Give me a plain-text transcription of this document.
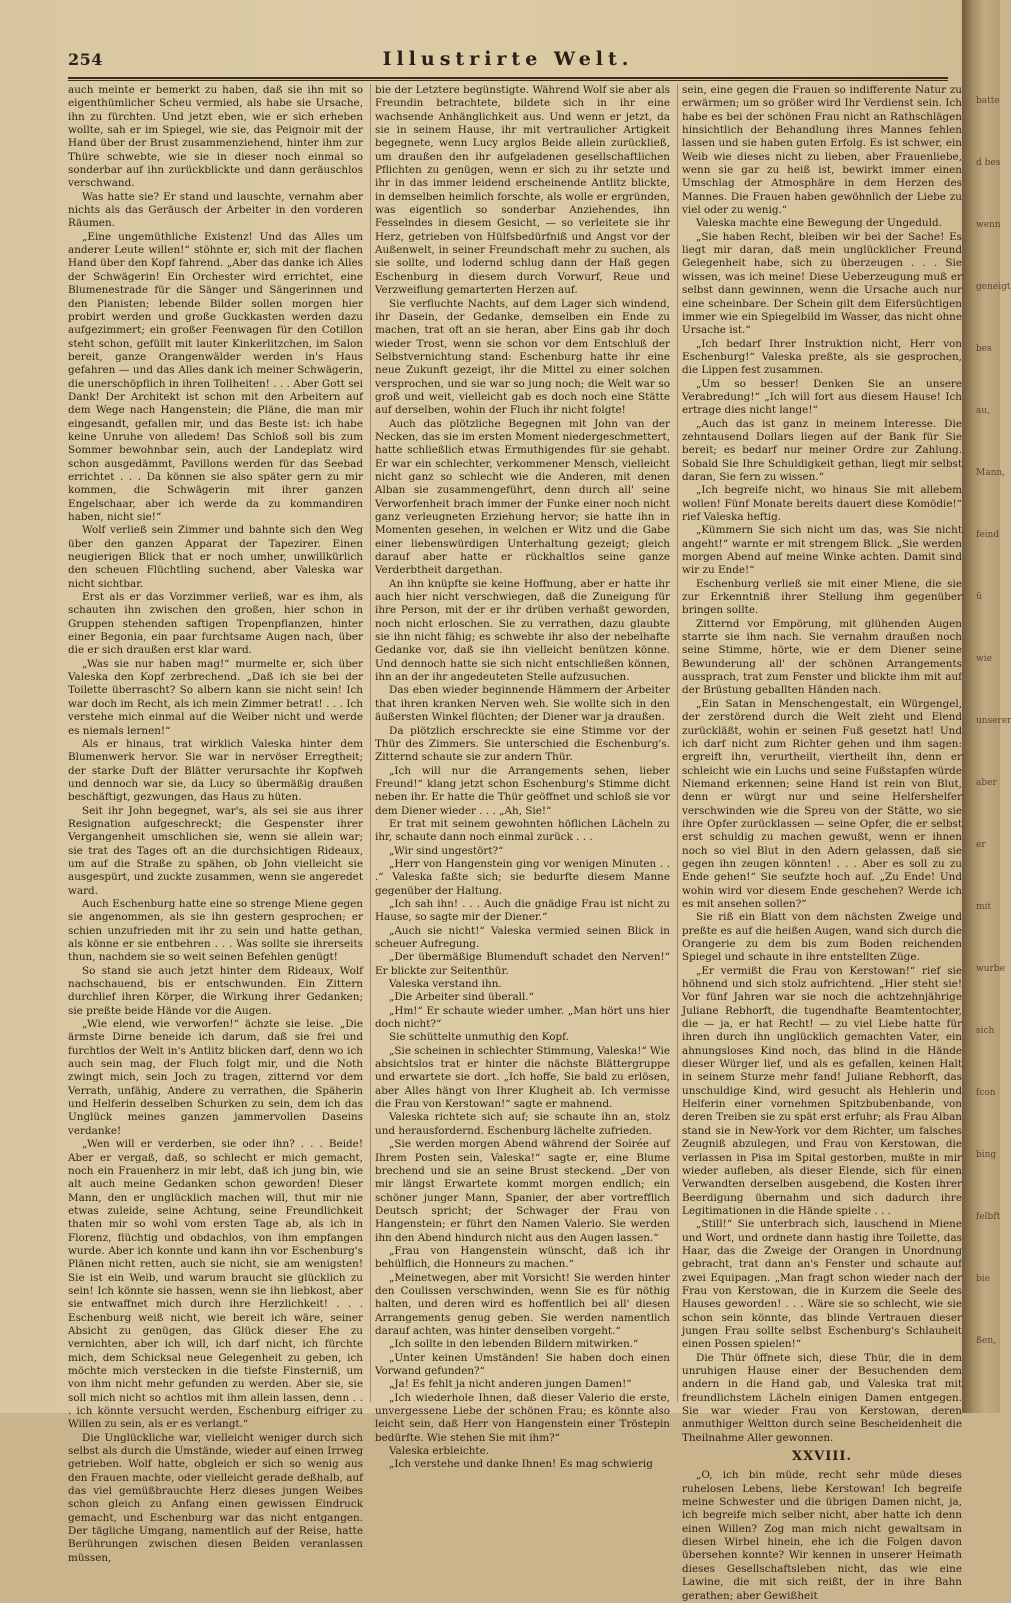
254	Illustrirte Welt.

auch meinte er bemerkt zu haben, daß sie ihn mit so eigenthümlicher Scheu vermied, als habe sie Ursache, ihn zu fürchten. Und jetzt eben, wie er sich erheben wollte, sah er im Spiegel, wie sie, das Peignoir mit der Hand über der Brust zusammenziehend, hinter ihm zur Thüre schwebte, wie sie in dieser noch einmal so sonderbar auf ihn zurückblickte und dann geräuschlos verschwand.

Was hatte sie? Er stand und lauschte, vernahm aber nichts als das Geräusch der Arbeiter in den vorderen Räumen.

„Eine ungemüthliche Existenz! Und das Alles um anderer Leute willen!“ stöhnte er, sich mit der flachen Hand über den Kopf fahrend. „Aber das danke ich Alles der Schwägerin! Ein Orchester wird errichtet, eine Blumenestrade für die Sänger und Sängerinnen und den Pianisten; lebende Bilder sollen morgen hier probirt werden und große Guckkasten werden dazu aufgezimmert; ein großer Feenwagen für den Cotillon steht schon, gefüllt mit lauter Kinkerlitzchen, im Salon bereit, ganze Orangenwälder werden in's Haus gefahren — und das Alles dank ich meiner Schwägerin, die unerschöpflich in ihren Tollheiten! . . . Aber Gott sei Dank! Der Architekt ist schon mit den Arbeitern auf dem Wege nach Hangenstein; die Pläne, die man mir eingesandt, gefallen mir, und das Beste ist: ich habe keine Unruhe von alledem! Das Schloß soll bis zum Sommer bewohnbar sein, auch der Landeplatz wird schon ausgedämmt, Pavillons werden für das Seebad errichtet . . . Da können sie also später gern zu mir kommen, die Schwägerin mit ihrer ganzen Engelschaar, aber ich werde da zu kommandiren haben, nicht sie!“

Wolf verließ sein Zimmer und bahnte sich den Weg über den ganzen Apparat der Tapezirer. Einen neugierigen Blick that er noch umher, unwillkürlich den scheuen Flüchtling suchend, aber Valeska war nicht sichtbar.

Erst als er das Vorzimmer verließ, war es ihm, als schauten ihn zwischen den großen, hier schon in Gruppen stehenden saftigen Tropenpflanzen, hinter einer Begonia, ein paar furchtsame Augen nach, über die er sich draußen erst klar ward.

„Was sie nur haben mag!“ murmelte er, sich über Valeska den Kopf zerbrechend. „Daß ich sie bei der Toilette überrascht? So albern kann sie nicht sein! Ich war doch im Recht, als ich mein Zimmer betrat! . . . Ich verstehe mich einmal auf die Weiber nicht und werde es niemals lernen!“

Als er hinaus, trat wirklich Valeska hinter dem Blumenwerk hervor. Sie war in nervöser Erregtheit; der starke Duft der Blätter verursachte ihr Kopfweh und dennoch war sie, da Lucy so übermäßig draußen beschäftigt, gezwungen, das Haus zu hüten.

Seit ihr John begegnet, war's, als sei sie aus ihrer Resignation aufgeschreckt; die Gespenster ihrer Vergangenheit umschlichen sie, wenn sie allein war; sie trat des Tages oft an die durchsichtigen Rideaux, um auf die Straße zu spähen, ob John vielleicht sie ausgespürt, und zuckte zusammen, wenn sie angeredet ward.

Auch Eschenburg hatte eine so strenge Miene gegen sie angenommen, als sie ihn gestern gesprochen; er schien unzufrieden mit ihr zu sein und hatte gethan, als könne er sie entbehren . . . Was sollte sie ihrerseits thun, nachdem sie so weit seinen Befehlen genügt!

So stand sie auch jetzt hinter dem Rideaux, Wolf nachschauend, bis er entschwunden. Ein Zittern durchlief ihren Körper, die Wirkung ihrer Gedanken; sie preßte beide Hände vor die Augen.

„Wie elend, wie verworfen!“ ächzte sie leise. „Die ärmste Dirne beneide ich darum, daß sie frei und furchtlos der Welt in's Antlitz blicken darf, denn wo ich auch sein mag, der Fluch folgt mir, und die Noth zwingt mich, sein Joch zu tragen, zitternd vor dem Verrath, unfähig, Andere zu verrathen, die Späherin und Helferin desselben Schurken zu sein, dem ich das Unglück meines ganzen jammervollen Daseins verdanke!

„Wen will er verderben, sie oder ihn? . . . Beide! Aber er vergaß, daß, so schlecht er mich gemacht, noch ein Frauenherz in mir lebt, daß ich jung bin, wie alt auch meine Gedanken schon geworden! Dieser Mann, den er unglücklich machen will, thut mir nie etwas zuleide, seine Achtung, seine Freundlichkeit thaten mir so wohl vom ersten Tage ab, als ich in Florenz, flüchtig und obdachlos, von ihm empfangen wurde. Aber ich konnte und kann ihn vor Eschenburg's Plänen nicht retten, auch sie nicht, sie am wenigsten! Sie ist ein Weib, und warum braucht sie glücklich zu sein! Ich könnte sie hassen, wenn sie ihn liebkost, aber sie entwaffnet mich durch ihre Herzlichkeit! . . . Eschenburg weiß nicht, wie bereit ich wäre, seiner Absicht zu genügen, das Glück dieser Ehe zu vernichten, aber ich will, ich darf nicht, ich fürchte mich, dem Schicksal neue Gelegenheit zu geben, ich möchte mich verstecken in die tiefste Finsterniß, um von ihm nicht mehr gefunden zu werden. Aber sie, sie soll mich nicht so achtlos mit ihm allein lassen, denn . . . ich könnte versucht werden, Eschenburg eifriger zu Willen zu sein, als er es verlangt.“

Die Unglückliche war, vielleicht weniger durch sich selbst als durch die Umstände, wieder auf einen Irrweg getrieben. Wolf hatte, obgleich er sich so wenig aus den Frauen machte, oder vielleicht gerade deßhalb, auf das viel gemüßbrauchte Herz dieses jungen Weibes schon gleich zu Anfang einen gewissen Eindruck gemacht, und Eschenburg war das nicht entgangen. Der tägliche Umgang, namentlich auf der Reise, hatte Berührungen zwischen diesen Beiden veranlassen müssen,

bie der Letztere begünstigte. Während Wolf sie aber als Freundin betrachtete, bildete sich in ihr eine wachsende Anhänglichkeit aus. Und wenn er jetzt, da sie in seinem Hause, ihr mit vertraulicher Artigkeit begegnete, wenn Lucy arglos Beide allein zurückließ, um draußen den ihr aufgeladenen gesellschaftlichen Pflichten zu genügen, wenn er sich zu ihr setzte und ihr in das immer leidend erscheinende Antlitz blickte, in demselben heimlich forschte, als wolle er ergründen, was eigentlich so sonderbar Anziehendes, ihn Fesselndes in diesem Gesicht, — so verleitete sie ihr Herz, getrieben von Hülfsbedürfniß und Angst vor der Außenwelt, in seiner Freundschaft mehr zu suchen, als sie sollte, und lodernd schlug dann der Haß gegen Eschenburg in diesem durch Vorwurf, Reue und Verzweiflung gemarterten Herzen auf.

Sie verfluchte Nachts, auf dem Lager sich windend, ihr Dasein, der Gedanke, demselben ein Ende zu machen, trat oft an sie heran, aber Eins gab ihr doch wieder Trost, wenn sie schon vor dem Entschluß der Selbstvernichtung stand: Eschenburg hatte ihr eine neue Zukunft gezeigt, ihr die Mittel zu einer solchen versprochen, und sie war so jung noch; die Welt war so groß und weit, vielleicht gab es doch noch eine Stätte auf derselben, wohin der Fluch ihr nicht folgte!

Auch das plötzliche Begegnen mit John van der Necken, das sie im ersten Moment niedergeschmettert, hatte schließlich etwas Ermuthigendes für sie gehabt. Er war ein schlechter, verkommener Mensch, vielleicht nicht ganz so schlecht wie die Anderen, mit denen Alban sie zusammengeführt, denn durch all' seine Verworfenheit brach immer der Funke einer noch nicht ganz verleugneten Erziehung hervor; sie hatte ihn in Momenten gesehen, in welchen er Witz und die Gabe einer liebenswürdigen Unterhaltung gezeigt; gleich darauf aber hatte er rückhaltlos seine ganze Verderbtheit dargethan.

An ihn knüpfte sie keine Hoffnung, aber er hatte ihr auch hier nicht verschwiegen, daß die Zuneigung für ihre Person, mit der er ihr drüben verhaßt geworden, noch nicht erloschen. Sie zu verrathen, dazu glaubte sie ihn nicht fähig; es schwebte ihr also der nebelhafte Gedanke vor, daß sie ihn vielleicht benützen könne. Und dennoch hatte sie sich nicht entschließen können, ihn an der ihr angedeuteten Stelle aufzusuchen.

Das eben wieder beginnende Hämmern der Arbeiter that ihren kranken Nerven weh. Sie wollte sich in den äußersten Winkel flüchten; der Diener war ja draußen.

Da plötzlich erschreckte sie eine Stimme vor der Thür des Zimmers. Sie unterschied die Eschenburg's. Zitternd schaute sie zur andern Thür.

„Ich will nur die Arrangements sehen, lieber Freund!“ klang jetzt schon Eschenburg's Stimme dicht neben ihr. Er hatte die Thür geöffnet und schloß sie vor dem Diener wieder . . . „Ah, Sie!“

Er trat mit seinem gewohnten höflichen Lächeln zu ihr, schaute dann noch einmal zurück . . .

„Wir sind ungestört?“

„Herr von Hangenstein ging vor wenigen Minuten . . .“ Valeska faßte sich; sie bedurfte diesem Manne gegenüber der Haltung.

„Ich sah ihn! . . . Auch die gnädige Frau ist nicht zu Hause, so sagte mir der Diener.“

„Auch sie nicht!“ Valeska vermied seinen Blick in scheuer Aufregung.

„Der übermäßige Blumenduft schadet den Nerven!“ Er blickte zur Seitenthür.

Valeska verstand ihn.

„Die Arbeiter sind überall.“

„Hm!“ Er schaute wieder umher. „Man hört uns hier doch nicht?“

Sie schüttelte unmuthig den Kopf.

„Sie scheinen in schlechter Stimmung, Valeska!“ Wie absichtslos trat er hinter die nächste Blättergruppe und erwartete sie dort. „Ich hoffe, Sie bald zu erlösen, aber Alles hängt von Ihrer Klugheit ab. Ich vermisse die Frau von Kerstowan!“ sagte er mahnend.

Valeska richtete sich auf; sie schaute ihn an, stolz und herausfordernd. Eschenburg lächelte zufrieden.

„Sie werden morgen Abend während der Soirée auf Ihrem Posten sein, Valeska!“ sagte er, eine Blume brechend und sie an seine Brust steckend. „Der von mir längst Erwartete kommt morgen endlich; ein schöner junger Mann, Spanier, der aber vortrefflich Deutsch spricht; der Schwager der Frau von Hangenstein; er führt den Namen Valerio. Sie werden ihn den Abend hindurch nicht aus den Augen lassen.“

„Frau von Hangenstein wünscht, daß ich ihr behülflich, die Honneurs zu machen.“

„Meinetwegen, aber mit Vorsicht! Sie werden hinter den Coulissen verschwinden, wenn Sie es für nöthig halten, und deren wird es hoffentlich bei all' diesen Arrangements genug geben. Sie werden namentlich darauf achten, was hinter denselben vorgeht.“

„Ich sollte in den lebenden Bildern mitwirken.“

„Unter keinen Umständen! Sie haben doch einen Vorwand gefunden?“

„Ja! Es fehlt ja nicht anderen jungen Damen!“

„Ich wiederhole Ihnen, daß dieser Valerio die erste, unvergessene Liebe der schönen Frau; es könnte also leicht sein, daß Herr von Hangenstein einer Tröstерin bedürfte. Wie stehen Sie mit ihm?“

Valeska erbleichte.

„Ich verstehe und danke Ihnen! Es mag schwierig

sein, eine gegen die Frauen so indifferente Natur zu erwärmen; um so größer wird Ihr Verdienst sein. Ich habe es bei der schönen Frau nicht an Rathschlägen hinsichtlich der Behandlung ihres Mannes fehlen lassen und sie haben guten Erfolg. Es ist schwer, ein Weib wie dieses nicht zu lieben, aber Frauenliebe, wenn sie gar zu heiß ist, bewirkt immer einen Umschlag der Atmosphäre in dem Herzen des Mannes. Die Frauen haben gewöhnlich der Liebe zu viel oder zu wenig.“

Valeska machte eine Bewegung der Ungeduld.

„Sie haben Recht, bleiben wir bei der Sache! Es liegt mir daran, daß mein unglücklicher Freund Gelegenheit habe, sich zu überzeugen . . . Sie wissen, was ich meine! Diese Ueberzeugung muß er selbst dann gewinnen, wenn die Ursache auch nur eine scheinbare. Der Schein gilt dem Eifersüchtigen immer wie ein Spiegelbild im Wasser, das nicht ohne Ursache ist.“

„Ich bedarf Ihrer Instruktion nicht, Herr von Eschenburg!“ Valeska preßte, als sie gesprochen, die Lippen fest zusammen.

„Um so besser! Denken Sie an unsere Verabredung!“ „Ich will fort aus diesem Hause! Ich ertrage dies nicht lange!“

„Auch das ist ganz in meinem Interesse. Die zehntausend Dollars liegen auf der Bank für Sie bereit; es bedarf nur meiner Ordre zur Zahlung. Sobald Sie Ihre Schuldigkeit gethan, liegt mir selbst daran, Sie fern zu wissen.“

„Ich begreife nicht, wo hinaus Sie mit allebem wollen! Fünf Monate bereits dauert diese Komödie!“ rief Valeska heftig.

„Kümmern Sie sich nicht um das, was Sie nicht angeht!“ warnte er mit strengem Blick. „Sie werden morgen Abend auf meine Winke achten. Damit sind wir zu Ende!“

Eschenburg verließ sie mit einer Miene, die sie zur Erkenntniß ihrer Stellung ihm gegenüber bringen sollte.

Zitternd vor Empörung, mit glühenden Augen starrte sie ihm nach. Sie vernahm draußen noch seine Stimme, hörte, wie er dem Diener seine Bewunderung all' der schönen Arrangements aussprach, trat zum Fenster und blickte ihm mit auf der Brüstung geballten Händen nach.

„Ein Satan in Menschengestalt, ein Würgengel, der zerstörend durch die Welt zieht und Elend zurückläßt, wohin er seinen Fuß gesetzt hat! Und ich darf nicht zum Richter gehen und ihm sagen: ergreift ihn, verurtheilt, viertheilt ihn, denn er schleicht wie ein Luchs und seine Fußstapfen würde Niemand erkennen; seine Hand ist rein von Blut, denn er würgt nur und seine Helfershelfer verschwinden wie die Spreu von der Stätte, wo sie ihre Opfer zurücklassen — seine Opfer, die er selbst erst schuldig zu machen gewußt, wenn er ihnen noch so viel Blut in den Adern gelassen, daß sie gegen ihn zeugen könnten! . . . Aber es soll zu zu Ende gehen!“ Sie seufzte hoch auf. „Zu Ende! Und wohin wird vor diesem Ende geschehen? Werde ich es mit ansehen sollen?“

Sie riß ein Blatt von dem nächsten Zweige und preßte es auf die heißen Augen, wand sich durch die Orangerie zu dem bis zum Boden reichenden Spiegel und schaute in ihre entstellten Züge.

„Er vermißt die Frau von Kerstowan!“ rief sie höhnend und sich stolz aufrichtend. „Hier steht sie! Vor fünf Jahren war sie noch die achtzehnjährige Juliane Rebhorft, die tugendhafte Beamtentochter, die — ja, er hat Recht! — zu viel Liebe hatte für ihren durch ihn unglücklich gemachten Vater, ein ahnungsloses Kind noch, das blind in die Hände dieser Würger lief, und als es gefallen, keinen Halt in seinem Sturze mehr fand! Juliane Rebhorft, das unschuldige Kind, wird gesucht als Hehlerin und Helferin einer vornehmen Spitzbubenbande, von deren Treiben sie zu spät erst erfuhr; als Frau Alban stand sie in New-York vor dem Richter, um falsches Zeugniß abzulegen, und Frau von Kerstowan, die verlassen in Pisa im Spital gestorben, mußte in mir wieder aufleben, als dieser Elende, sich für einen Verwandten derselben ausgebend, die Kosten ihrer Beerdigung übernahm und sich dadurch ihre Legitimationen in die Hände spielte . . .

„Still!“ Sie unterbrach sich, lauschend in Miene und Wort, und ordnete dann hastig ihre Toilette, das Haar, das die Zweige der Orangen in Unordnung gebracht, trat dann an's Fenster und schaute auf zwei Equipagen. „Man fragt schon wieder nach der Frau von Kerstowan, die in Kurzem die Seele des Hauses geworden! . . . Wäre sie so schlecht, wie sie schon sein könnte, das blinde Vertrauen dieser jungen Frau sollte selbst Eschenburg's Schlauheit einen Possen spielen!“

Die Thür öffnete sich, diese Thür, die in dem unruhigen Hause einer der Besuchenden dem andern in die Hand gab, und Valeska trat mit freundlichstem Lächeln einigen Damen entgegen. Sie war wieder Frau von Kerstowan, deren anmuthiger Weltton durch seine Bescheidenheit die Theilnahme Aller gewonnen.

XXVIII.

„O, ich bin müde, recht sehr müde dieses ruhelosen Lebens, liebe Kerstowan! Ich begreife meine Schwester und die übrigen Damen nicht, ja, ich begreife mich selber nicht, aber hatte ich denn einen Willen? Zog man mich nicht gewaltsam in diesen Wirbel hinein, ehe ich die Folgen davon übersehen konnte? Wir kennen in unserer Heimath dieses Gesellschaftsleben nicht, das wie eine Lawine, die mit sich reißt, der in ihre Bahn gerathen; aber Gewißheit

batte
d bes
wenn
geneigt
bes
au,
Mann,
feind
ü
wie
unserer
aber
er
mit
wurbe
sich
fcon
bing
felbft
bie
ßen,
